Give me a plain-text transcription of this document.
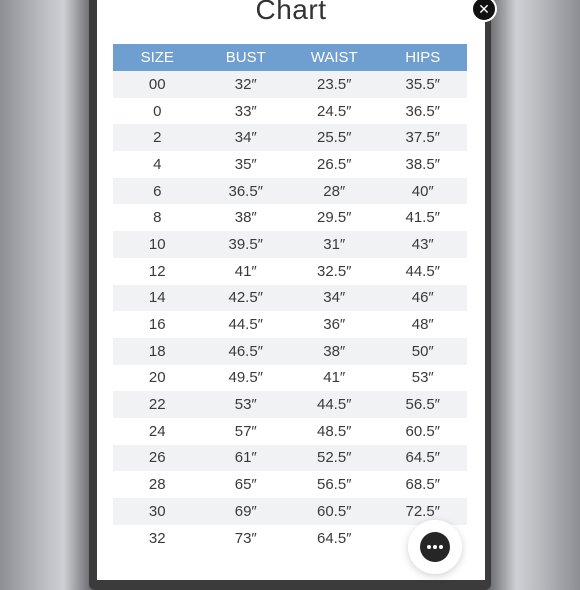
Chart	✕
SIZE	BUST	WAIST	HIPS
00	32″	23.5″	35.5″
0	33″	24.5″	36.5″
2	34″	25.5″	37.5″
4	35″	26.5″	38.5″
6	36.5″	28″	40″
8	38″	29.5″	41.5″
10	39.5″	31″	43″
12	41″	32.5″	44.5″
14	42.5″	34″	46″
16	44.5″	36″	48″
18	46.5″	38″	50″
20	49.5″	41″	53″
22	53″	44.5″	56.5″
24	57″	48.5″	60.5″
26	61″	52.5″	64.5″
28	65″	56.5″	68.5″
30	69″	60.5″	72.5″
32	73″	64.5″	
